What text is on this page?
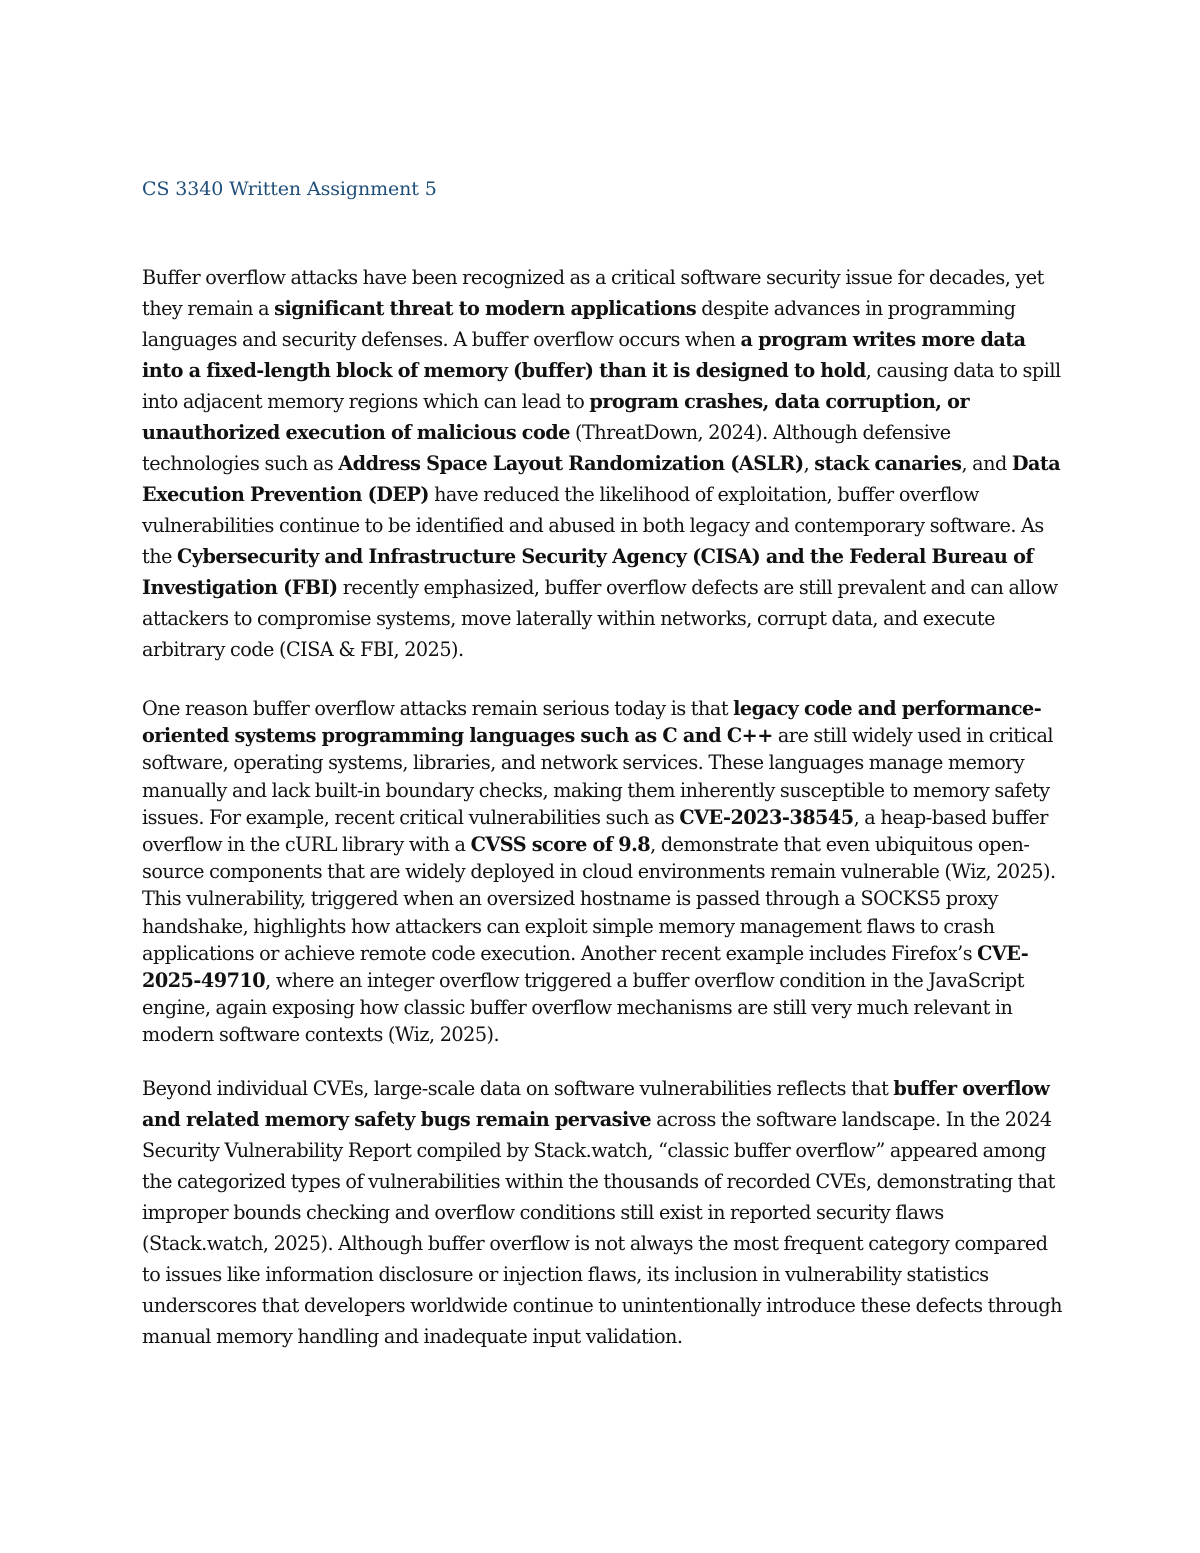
CS 3340 Written Assignment 5

Buffer overflow attacks have been recognized as a critical software security issue for decades, yet they remain a significant threat to modern applications despite advances in programming languages and security defenses. A buffer overflow occurs when a program writes more data into a fixed-length block of memory (buffer) than it is designed to hold, causing data to spill into adjacent memory regions which can lead to program crashes, data corruption, or unauthorized execution of malicious code (ThreatDown, 2024). Although defensive technologies such as Address Space Layout Randomization (ASLR), stack canaries, and Data Execution Prevention (DEP) have reduced the likelihood of exploitation, buffer overflow vulnerabilities continue to be identified and abused in both legacy and contemporary software. As the Cybersecurity and Infrastructure Security Agency (CISA) and the Federal Bureau of Investigation (FBI) recently emphasized, buffer overflow defects are still prevalent and can allow attackers to compromise systems, move laterally within networks, corrupt data, and execute arbitrary code (CISA & FBI, 2025).

One reason buffer overflow attacks remain serious today is that legacy code and performance-oriented systems programming languages such as C and C++ are still widely used in critical software, operating systems, libraries, and network services. These languages manage memory manually and lack built-in boundary checks, making them inherently susceptible to memory safety issues. For example, recent critical vulnerabilities such as CVE-2023-38545, a heap-based buffer overflow in the cURL library with a CVSS score of 9.8, demonstrate that even ubiquitous open-source components that are widely deployed in cloud environments remain vulnerable (Wiz, 2025). This vulnerability, triggered when an oversized hostname is passed through a SOCKS5 proxy handshake, highlights how attackers can exploit simple memory management flaws to crash applications or achieve remote code execution. Another recent example includes Firefox’s CVE-2025-49710, where an integer overflow triggered a buffer overflow condition in the JavaScript engine, again exposing how classic buffer overflow mechanisms are still very much relevant in modern software contexts (Wiz, 2025).

Beyond individual CVEs, large-scale data on software vulnerabilities reflects that buffer overflow and related memory safety bugs remain pervasive across the software landscape. In the 2024 Security Vulnerability Report compiled by Stack.watch, “classic buffer overflow” appeared among the categorized types of vulnerabilities within the thousands of recorded CVEs, demonstrating that improper bounds checking and overflow conditions still exist in reported security flaws (Stack.watch, 2025). Although buffer overflow is not always the most frequent category compared to issues like information disclosure or injection flaws, its inclusion in vulnerability statistics underscores that developers worldwide continue to unintentionally introduce these defects through manual memory handling and inadequate input validation.
